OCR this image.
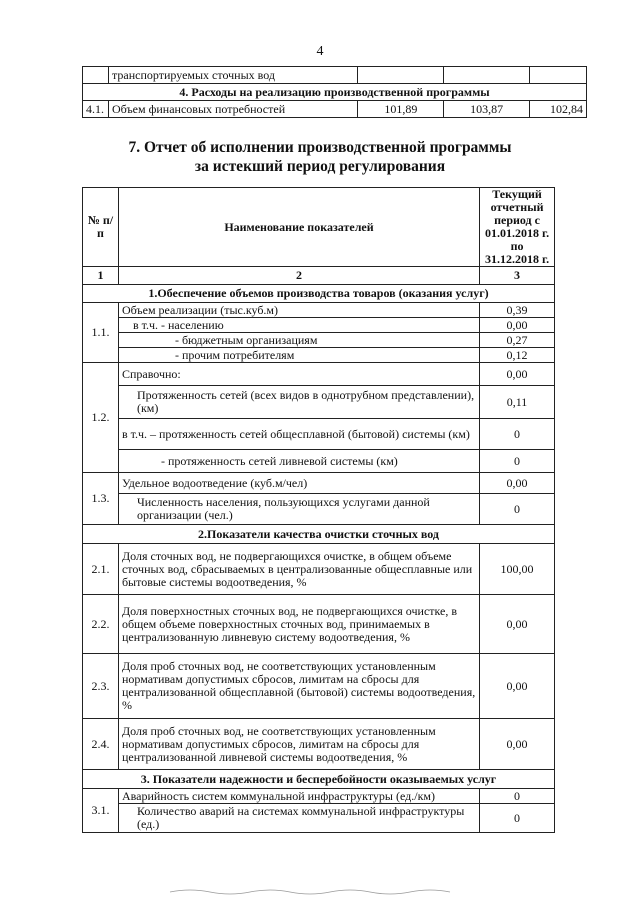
4
	транспортируемых сточных вод			
4. Расходы на реализацию производственной программы				
4.1.	Объем финансовых потребностей	101,89	103,87	102,84
7. Отчет об исполнении производственной программы
за истекший период регулирования
№ п/п	Наименование показателей	Текущий отчетный период с 01.01.2018 г. по 31.12.2018 г.
1	2	3
1.Обеспечение объемов производства товаров (оказания услуг)		
1.1.	Объем реализации (тыс.куб.м)	0,39
	в т.ч. - населению	0,00
	- бюджетным организациям	0,27
	- прочим потребителям	0,12
1.2.	Справочно:	0,00
	Протяженность сетей (всех видов в однотрубном представлении), (км)	0,11
	в т.ч. – протяженность сетей общесплавной (бытовой) системы (км)	0
	- протяженность сетей ливневой системы (км)	0
1.3.	Удельное водоотведение (куб.м/чел)	0,00
	Численность населения, пользующихся услугами данной организации (чел.)	0
2.Показатели качества очистки сточных вод		
2.1.	Доля сточных вод, не подвергающихся очистке, в общем объеме сточных вод, сбрасываемых в централизованные общесплавные или бытовые системы водоотведения, %	100,00
2.2.	Доля поверхностных сточных вод, не подвергающихся очистке, в общем объеме поверхностных сточных вод, принимаемых в централизованную ливневую систему водоотведения, %	0,00
2.3.	Доля проб сточных вод, не соответствующих установленным нормативам допустимых сбросов, лимитам на сбросы для централизованной общесплавной (бытовой) системы водоотведения, %	0,00
2.4.	Доля проб сточных вод, не соответствующих установленным нормативам допустимых сбросов, лимитам на сбросы для централизованной ливневой системы водоотведения, %	0,00
3. Показатели надежности и бесперебойности оказываемых услуг		
3.1.	Аварийность систем коммунальной инфраструктуры (ед./км)	0
	Количество аварий на системах коммунальной инфраструктуры (ед.)	0
